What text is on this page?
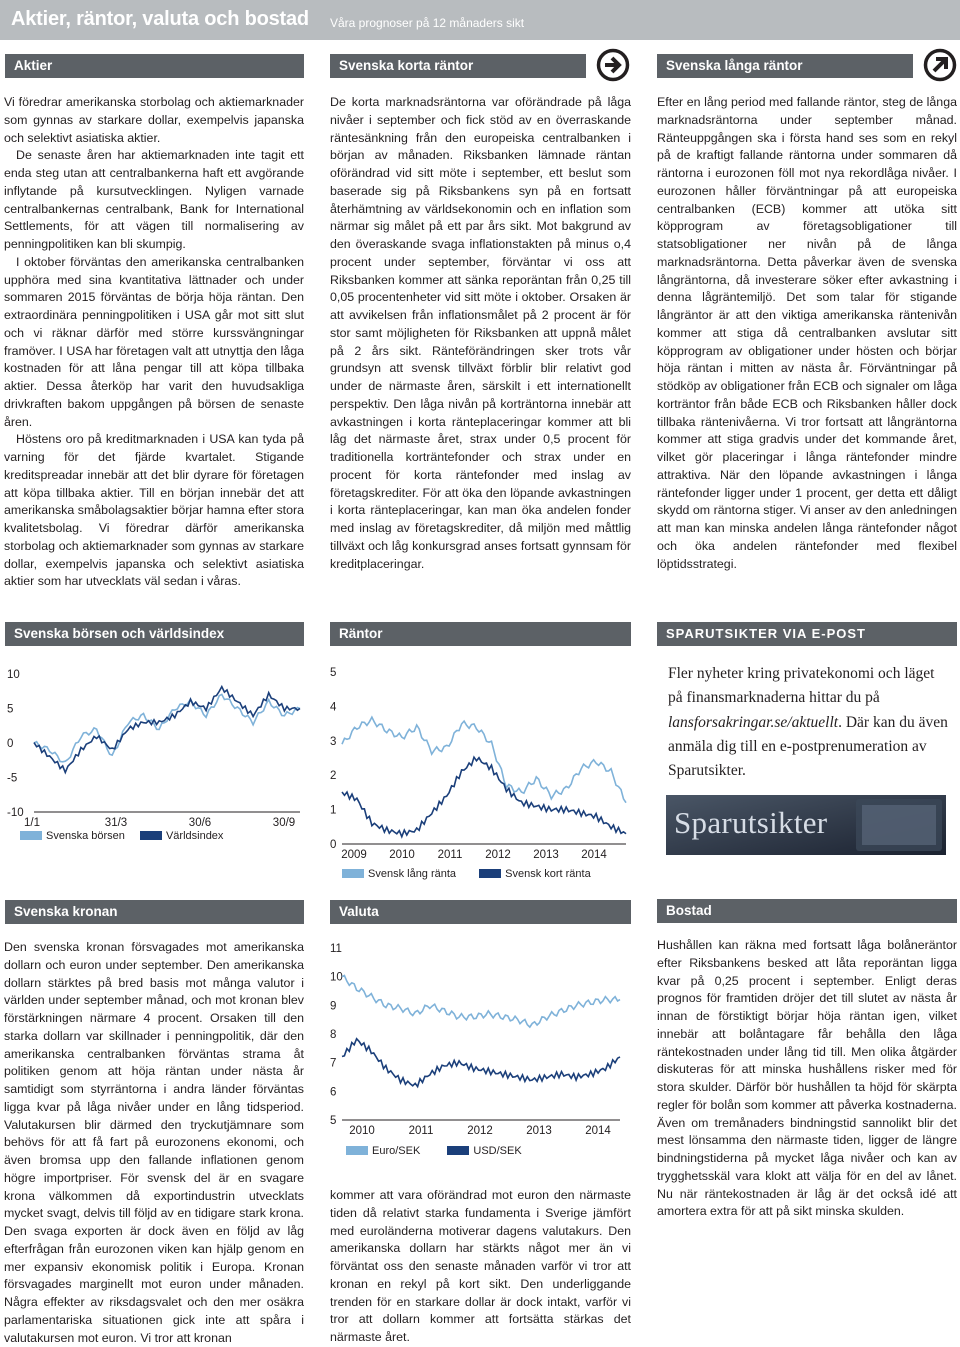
Aktier, räntor, valuta och bostad Våra prognoser på 12 månaders sikt
Aktier	Svenska korta räntor	Svenska långa räntor

Vi föredrar amerikanska storbolag och aktiemarknader som gynnas av starkare dollar, exempelvis japanska och selektivt asiatiska aktier.

De senaste åren har aktiemarknaden inte tagit ett enda steg utan att centralbankerna haft ett avgörande inflytande på kursutvecklingen. Nyligen varnade centralbankernas centralbank, Bank for International Settlements, för att vägen till normalisering av penningpolitiken kan bli skumpig.

I oktober förväntas den amerikanska centralbanken upphöra med sina kvantitativa lättnader och under sommaren 2015 förväntas de börja höja räntan. Den extraordinära penningpolitiken i USA går mot sitt slut och vi räknar därför med större kurssvängningar framöver. I USA har företagen valt att utnyttja den låga kostnaden för att låna pengar till att köpa tillbaka aktier. Dessa återköp har varit den huvudsakliga drivkraften bakom uppgången på börsen de senaste åren.

Höstens oro på kreditmarknaden i USA kan tyda på varning för det fjärde kvartalet. Stigande kreditspreadar innebär att det blir dyrare för företagen att köpa tillbaka aktier. Till en början innebär det att amerikanska småbolagsaktier börjar hamna efter stora kvalitetsbolag. Vi föredrar därför amerikanska storbolag och aktiemarknader som gynnas av starkare dollar, exempelvis japanska och selektivt asiatiska aktier som har utvecklats väl sedan i våras.

De korta marknadsräntorna var oförändrade på låga nivåer i september och fick stöd av en överraskande räntesänkning från den europeiska centralbanken i början av månaden. Riksbanken lämnade räntan oförändrad vid sitt möte i september, ett beslut som baserade sig på Riksbankens syn på en fortsatt återhämtning av världsekonomin och en inflation som närmar sig målet på ett par års sikt. Mot bakgrund av den överaskande svaga inflationstakten på minus o,4 procent under september, förväntar vi oss att Riksbanken kommer att sänka reporäntan från 0,25 till 0,05 procentenheter vid sitt möte i oktober. Orsaken är att avvikelsen från inflationsmålet på 2 procent är för stor samt möjligheten för Riksbanken att uppnå målet på 2 års sikt. Ränteförändringen sker trots vår grundsyn att svensk tillväxt förblir blir relativt god under de närmaste åren, särskilt i ett internationellt perspektiv. Den låga nivån på korträntorna innebär att avkastningen i korta ränteplaceringar kommer att bli låg det närmaste året, strax under 0,5 procent för traditionella korträntefonder och strax under en procent för korta räntefonder med inslag av företagskrediter. För att öka den löpande avkastningen i korta ränteplaceringar, kan man öka andelen fonder med inslag av företagskrediter, då miljön med måttlig tillväxt och låg konkursgrad anses fortsatt gynnsam för kreditplaceringar.

Efter en lång period med fallande räntor, steg de långa marknadsräntorna under september månad. Ränteuppgången ska i första hand ses som en rekyl på de kraftigt fallande räntorna under sommaren då räntorna i eurozonen föll mot nya rekordlåga nivåer. I eurozonen håller förväntningar på att europeiska centralbanken (ECB) kommer att utöka sitt köpprogram av företagsobligationer till statsobligationer ner nivån på de långa marknadsräntorna. Detta påverkar även de svenska långräntorna, då investerare söker efter avkastning i denna lågräntemiljö. Det som talar för stigande långräntor är att den viktiga amerikanska räntenivån kommer att stiga då centralbanken avslutar sitt köpprogram av obligationer under hösten och börjar höja räntan i mitten av nästa år. Förväntningar på stödköp av obligationer från ECB och signaler om låga korträntor från både ECB och Riksbanken håller dock tillbaka räntenivåerna. Vi tror fortsatt att långräntorna kommer att stiga gradvis under det kommande året, vilket gör placeringar i långa räntefonder mindre attraktiva. När den löpande avkastningen i långa räntefonder ligger under 1 procent, ger detta ett dåligt skydd om räntorna stiger. Vi anser av den anledningen att man kan minska andelen långa räntefonder något och öka andelen räntefonder med flexibel löptidsstrategi.

Svenska börsen och världsindex	Räntor	SPARUTSIKTER VIA E-POST
10
5
0
-5
-10
1/1	31/3	30/6	30/9
Svenska börsen	Världsindex
5
4
3
2
1
0
2009 2010 2011 2012 2013 2014
Svensk lång ränta	Svensk kort ränta
Fler nyheter kring privatekonomi och läget på finansmarknaderna hittar du på lansforsakringar.se/aktuellt. Där kan du även anmäla dig till en e-postprenumeration av Sparutsikter.
Sparutsikter
Svenska kronan	Valuta	Bostad

Den svenska kronan försvagades mot amerikanska dollarn och euron under september. Den amerikanska dollarn stärktes på bred basis mot många valutor i världen under september månad, och mot kronan blev förstärkningen närmare 4 procent. Orsaken till den starka dollarn var skillnader i penningpolitik, där den amerikanska centralbanken förväntas strama åt politiken genom att höja räntan under nästa år samtidigt som styrräntorna i andra länder förväntas ligga kvar på låga nivåer under en lång tidsperiod. Valutakursen blir därmed den tryckutjämnare som behövs för att få fart på eurozonens ekonomi, och även bromsa upp den fallande inflationen genom högre importpriser. För svensk del är en svagare krona välkommen då exportindustrin utvecklats mycket svagt, delvis till följd av en tidigare stark krona. Den svaga exporten är dock även en följd av låg efterfrågan från eurozonen viken kan hjälp genom en mer expansiv ekonomisk politik i Europa. Kronan försvagades marginellt mot euron under månaden. Några effekter av riksdagsvalet och den mer osäkra parlamentariska situationen gick inte att spåra i valutakursen mot euron. Vi tror att kronan

11
10
9
8
7
6
5
2010	2011	2012	2013	2014
Euro/SEK	USD/SEK

kommer att vara oförändrad mot euron den närmaste tiden då relativt starka fundamenta i Sverige jämfört med euroländerna motiverar dagens valutakurs. Den amerikanska dollarn har stärkts något mer än vi förväntat oss den senaste månaden varför vi tror att kronan en rekyl på kort sikt. Den underliggande trenden för en starkare dollar är dock intakt, varför vi tror att dollarn kommer att fortsätta stärkas det närmaste året.

Hushållen kan räkna med fortsatt låga bolåneräntor efter Riksbankens besked att låta reporäntan ligga kvar på 0,25 procent i september. Enligt deras prognos för framtiden dröjer det till slutet av nästa år innan de förstiktigt börjar höja räntan igen, vilket innebär att bolåntagare får behålla den låga räntekostnaden under lång tid till. Men olika åtgärder diskuteras för att minska hushållens risker med för stora skulder. Därför bör hushållen ta höjd för skärpta regler för bolån som kommer att påverka kostnaderna. Även om tremånaders bindningstid sannolikt blir det mest lönsamma den närmaste tiden, ligger de längre bindningstiderna på mycket låga nivåer och kan av trygghetsskäl vara klokt att välja för en del av lånet. Nu när räntekostnaden är låg är det också idé att amortera extra för att på sikt minska skulden.
